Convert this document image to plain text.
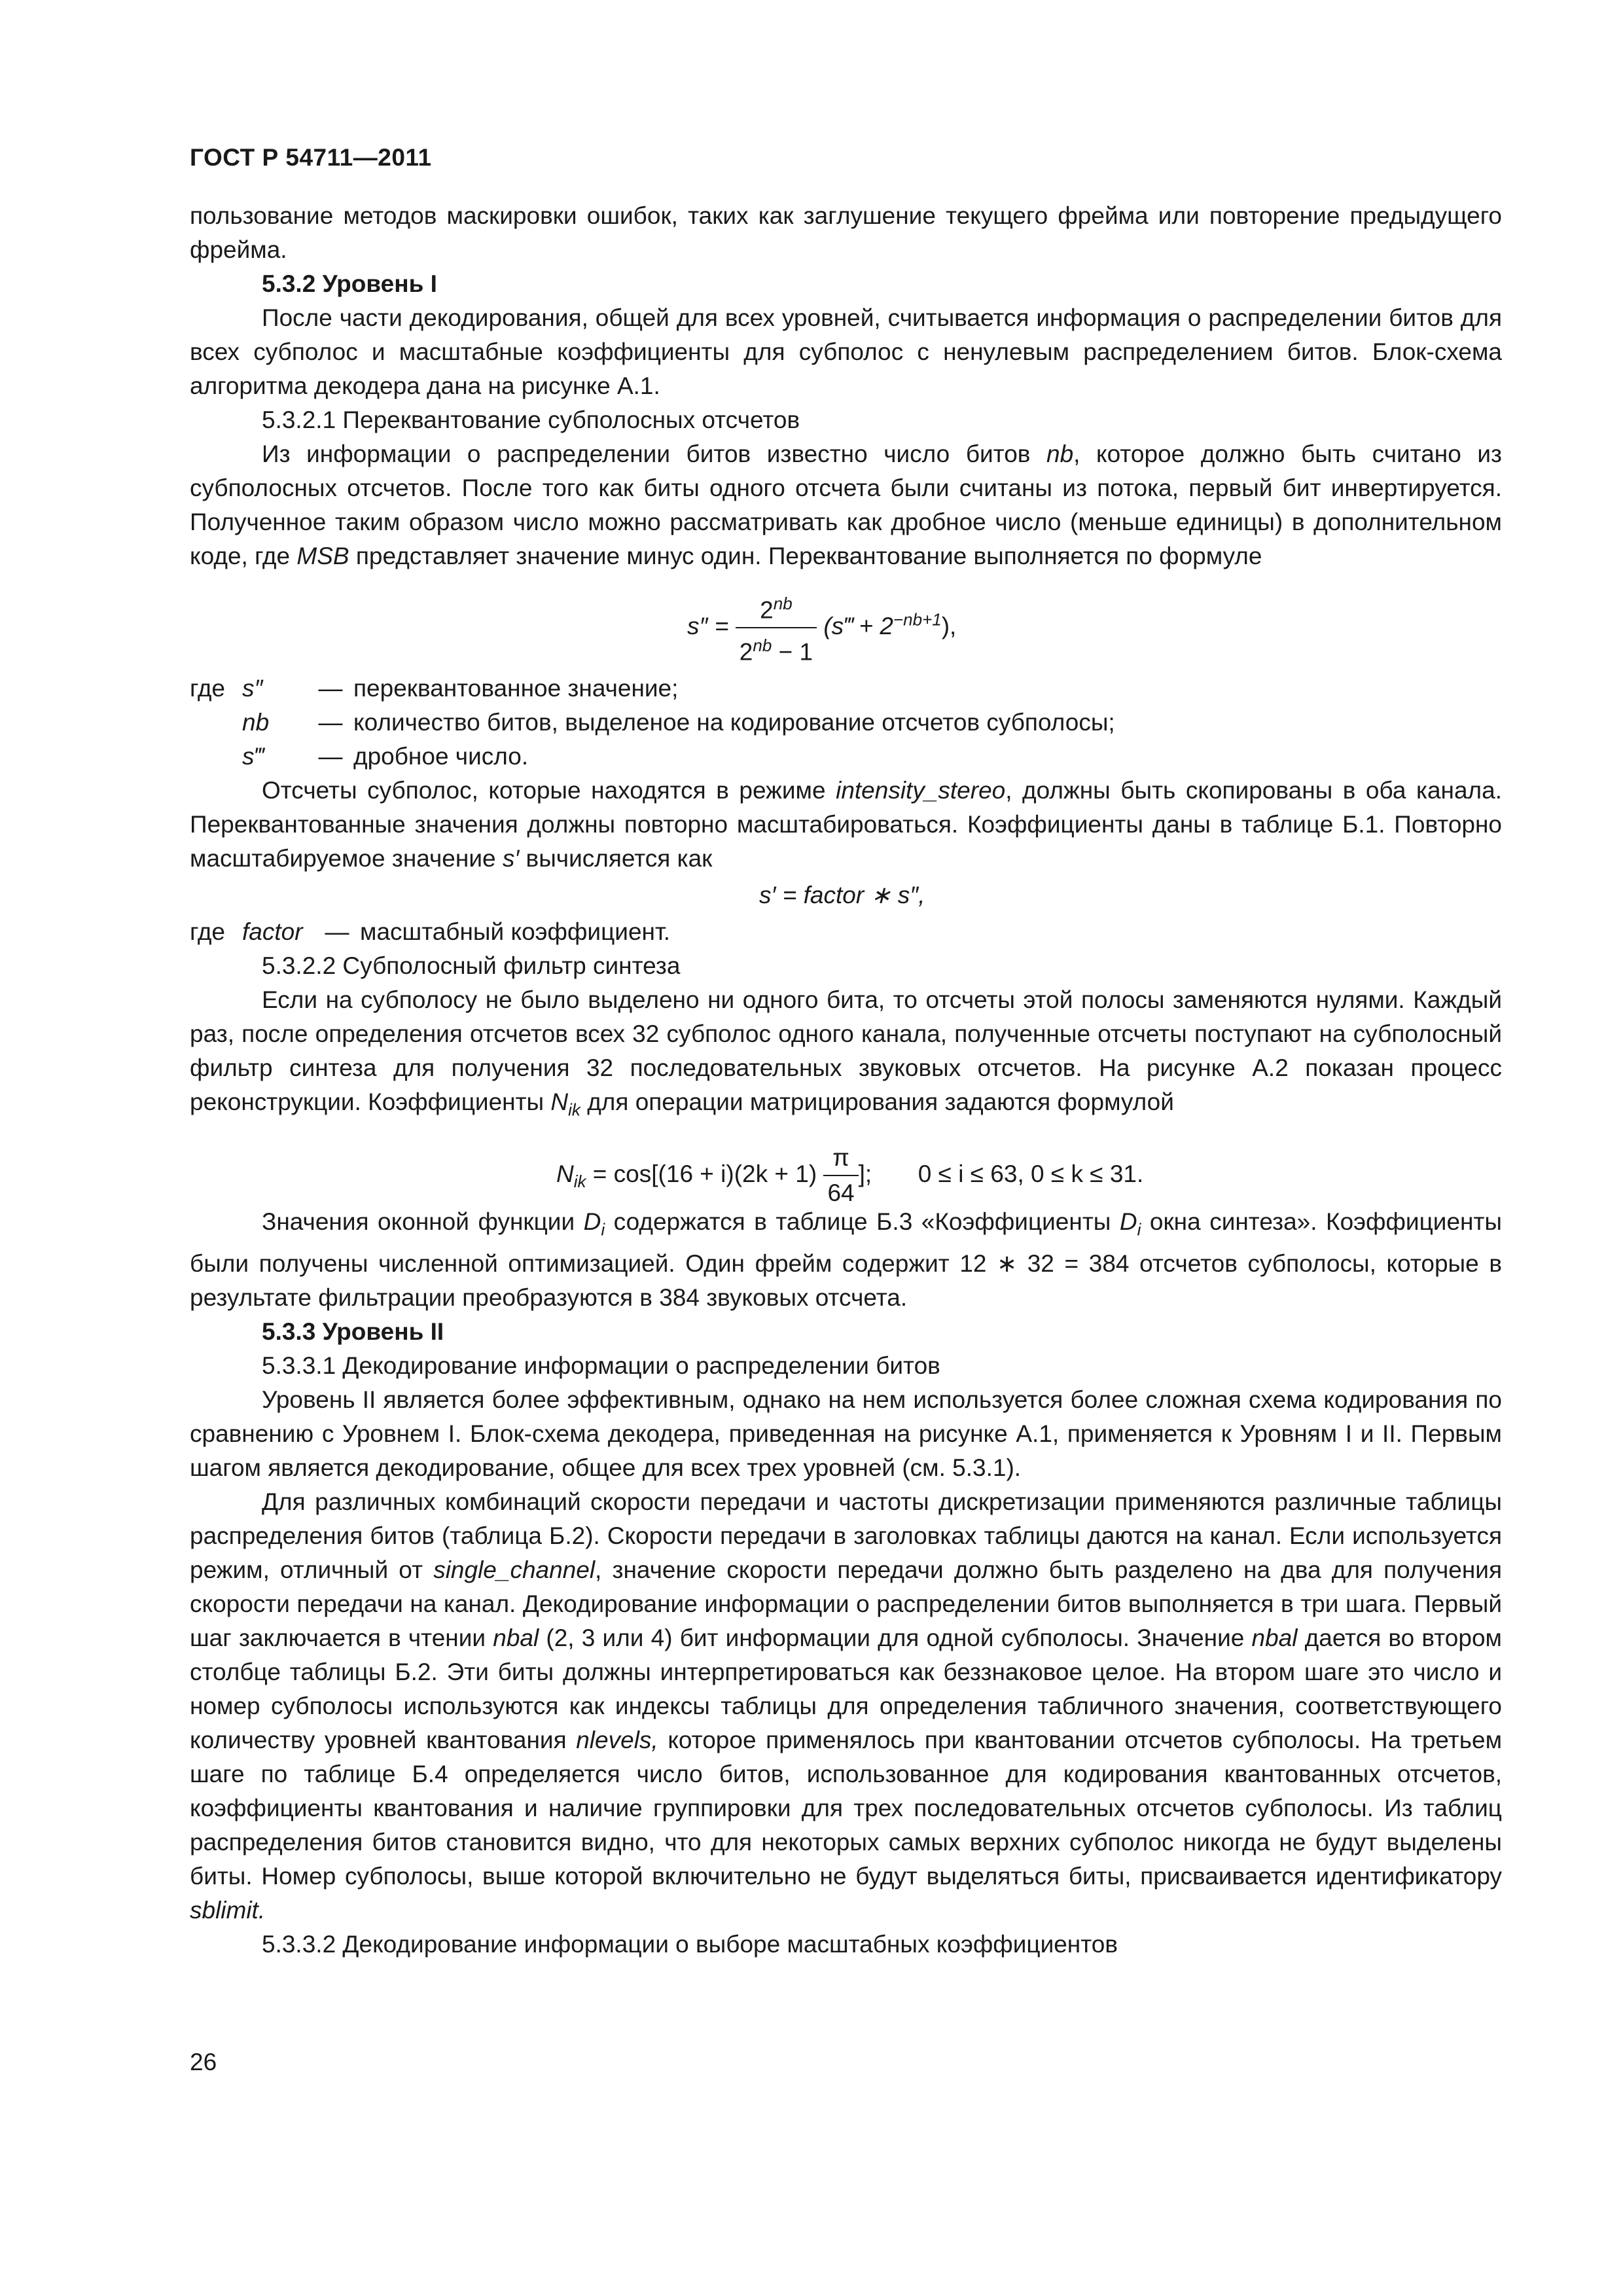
ГОСТ Р 54711—2011

пользование методов маскировки ошибок, таких как заглушение текущего фрейма или повторение предыдущего фрейма.

5.3.2 Уровень I

После части декодирования, общей для всех уровней, считывается информация о распределении битов для всех субполос и масштабные коэффициенты для субполос с ненулевым распределением битов. Блок-схема алгоритма декодера дана на рисунке А.1.

5.3.2.1 Переквантование субполосных отсчетов

Из информации о распределении битов известно число битов nb, которое должно быть считано из субполосных отсчетов. После того как биты одного отсчета были считаны из потока, первый бит инвертируется. Полученное таким образом число можно рассматривать как дробное число (меньше единицы) в дополнительном коде, где MSB представляет значение минус один. Переквантование выполняется по формуле

$s'' = \frac{2^{nb}}{2^{nb} - 1}$ (s‴ + $2^{-nb+1}$),
где s″	— переквантованное значение;
nb	— количество битов, выделеное на кодирование отсчетов субполосы;
s‴	— дробное число.

Отсчеты субполос, которые находятся в режиме intensity_stereo, должны быть скопированы в оба канала. Переквантованные значения должны повторно масштабироваться. Коэффициенты даны в таблице Б.1. Повторно масштабируемое значение s′ вычисляется как

s′ = factor ∗ s″,
где factor — масштабный коэффициент.

5.3.2.2 Субполосный фильтр синтеза

Если на субполосу не было выделено ни одного бита, то отсчеты этой полосы заменяются нулями. Каждый раз, после определения отсчетов всех 32 субполос одного канала, полученные отсчеты поступают на субполосный фильтр синтеза для получения 32 последовательных звуковых отсчетов. На рисунке А.2 показан процесс реконструкции. Коэффициенты $N_{ik}$ для операции матрицирования задаются формулой

$N_{ik} = \cos[(16 + i)(2k + 1) \frac{\pi}{64}$ ]; 0 ≤ i ≤ 63, 0 ≤ k ≤ 31.

Значения оконной функции $D_i$ содержатся в таблице Б.3 «Коэффициенты $D_i$ окна синтеза». Коэффициенты были получены численной оптимизацией. Один фрейм содержит 12 ∗ 32 = 384 отсчетов субполосы, которые в результате фильтрации преобразуются в 384 звуковых отсчета.

5.3.3 Уровень II

5.3.3.1 Декодирование информации о распределении битов

Уровень II является более эффективным, однако на нем используется более сложная схема кодирования по сравнению с Уровнем I. Блок-схема декодера, приведенная на рисунке А.1, применяется к Уровням I и II. Первым шагом является декодирование, общее для всех трех уровней (см. 5.3.1).

Для различных комбинаций скорости передачи и частоты дискретизации применяются различные таблицы распределения битов (таблица Б.2). Скорости передачи в заголовках таблицы даются на канал. Если используется режим, отличный от single_channel, значение скорости передачи должно быть разделено на два для получения скорости передачи на канал. Декодирование информации о распределении битов выполняется в три шага. Первый шаг заключается в чтении nbal (2, 3 или 4) бит информации для одной субполосы. Значение nbal дается во втором столбце таблицы Б.2. Эти биты должны интерпретироваться как беззнаковое целое. На втором шаге это число и номер субполосы используются как индексы таблицы для определения табличного значения, соответствующего количеству уровней квантования nlevels, которое применялось при квантовании отсчетов субполосы. На третьем шаге по таблице Б.4 определяется число битов, использованное для кодирования квантованных отсчетов, коэффициенты квантования и наличие группировки для трех последовательных отсчетов субполосы. Из таблиц распределения битов становится видно, что для некоторых самых верхних субполос никогда не будут выделены биты. Номер субполосы, выше которой включительно не будут выделяться биты, присваивается идентификатору sblimit.

5.3.3.2 Декодирование информации о выборе масштабных коэффициентов

26
